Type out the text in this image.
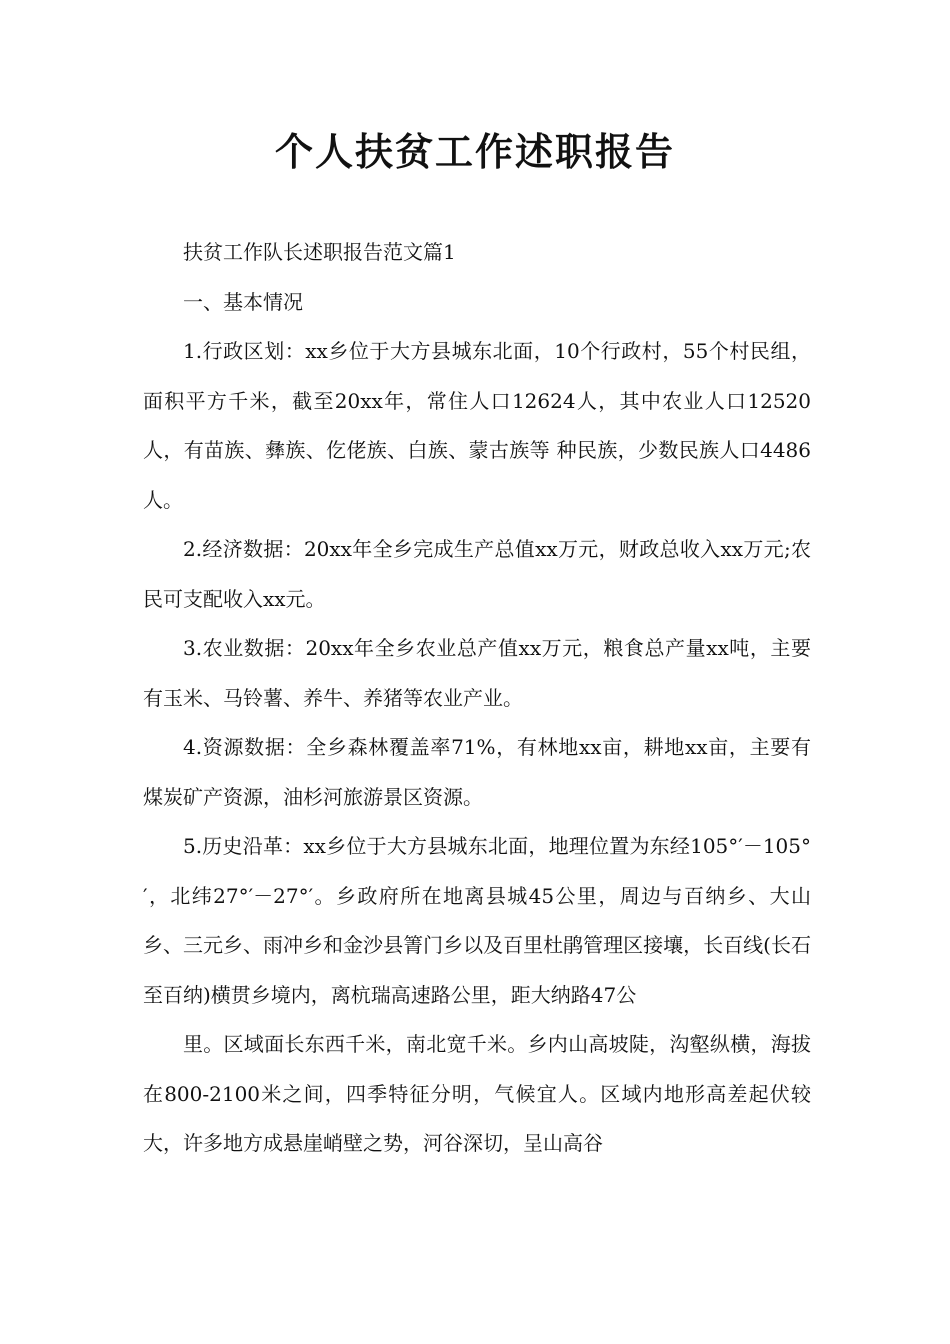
个人扶贫工作述职报告

扶贫工作队长述职报告范文篇1

一、基本情况

1.行政区划：xx乡位于大方县城东北面，10个行政村，55个村民组，面积平方千米，截至20xx年，常住人口12624人，其中农业人口12520人，有苗族、彝族、仡佬族、白族、蒙古族等 种民族，少数民族人口4486人。

2.经济数据：20xx年全乡完成生产总值xx万元，财政总收入xx万元;农民可支配收入xx元。

3.农业数据：20xx年全乡农业总产值xx万元，粮食总产量xx吨，主要有玉米、马铃薯、养牛、养猪等农业产业。

4.资源数据：全乡森林覆盖率71%，有林地xx亩，耕地xx亩，主要有煤炭矿产资源，油杉河旅游景区资源。

5.历史沿革：xx乡位于大方县城东北面，地理位置为东经105°′－105°′，北纬27°′－27°′。乡政府所在地离县城45公里，周边与百纳乡、大山乡、三元乡、雨冲乡和金沙县箐门乡以及百里杜鹃管理区接壤，长百线(长石至百纳)横贯乡境内，离杭瑞高速路公里，距大纳路47公

里。区域面长东西千米，南北宽千米。乡内山高坡陡，沟壑纵横，海拔在800-2100米之间，四季特征分明，气候宜人。区域内地形高差起伏较大，许多地方成悬崖峭壁之势，河谷深切，呈山高谷
